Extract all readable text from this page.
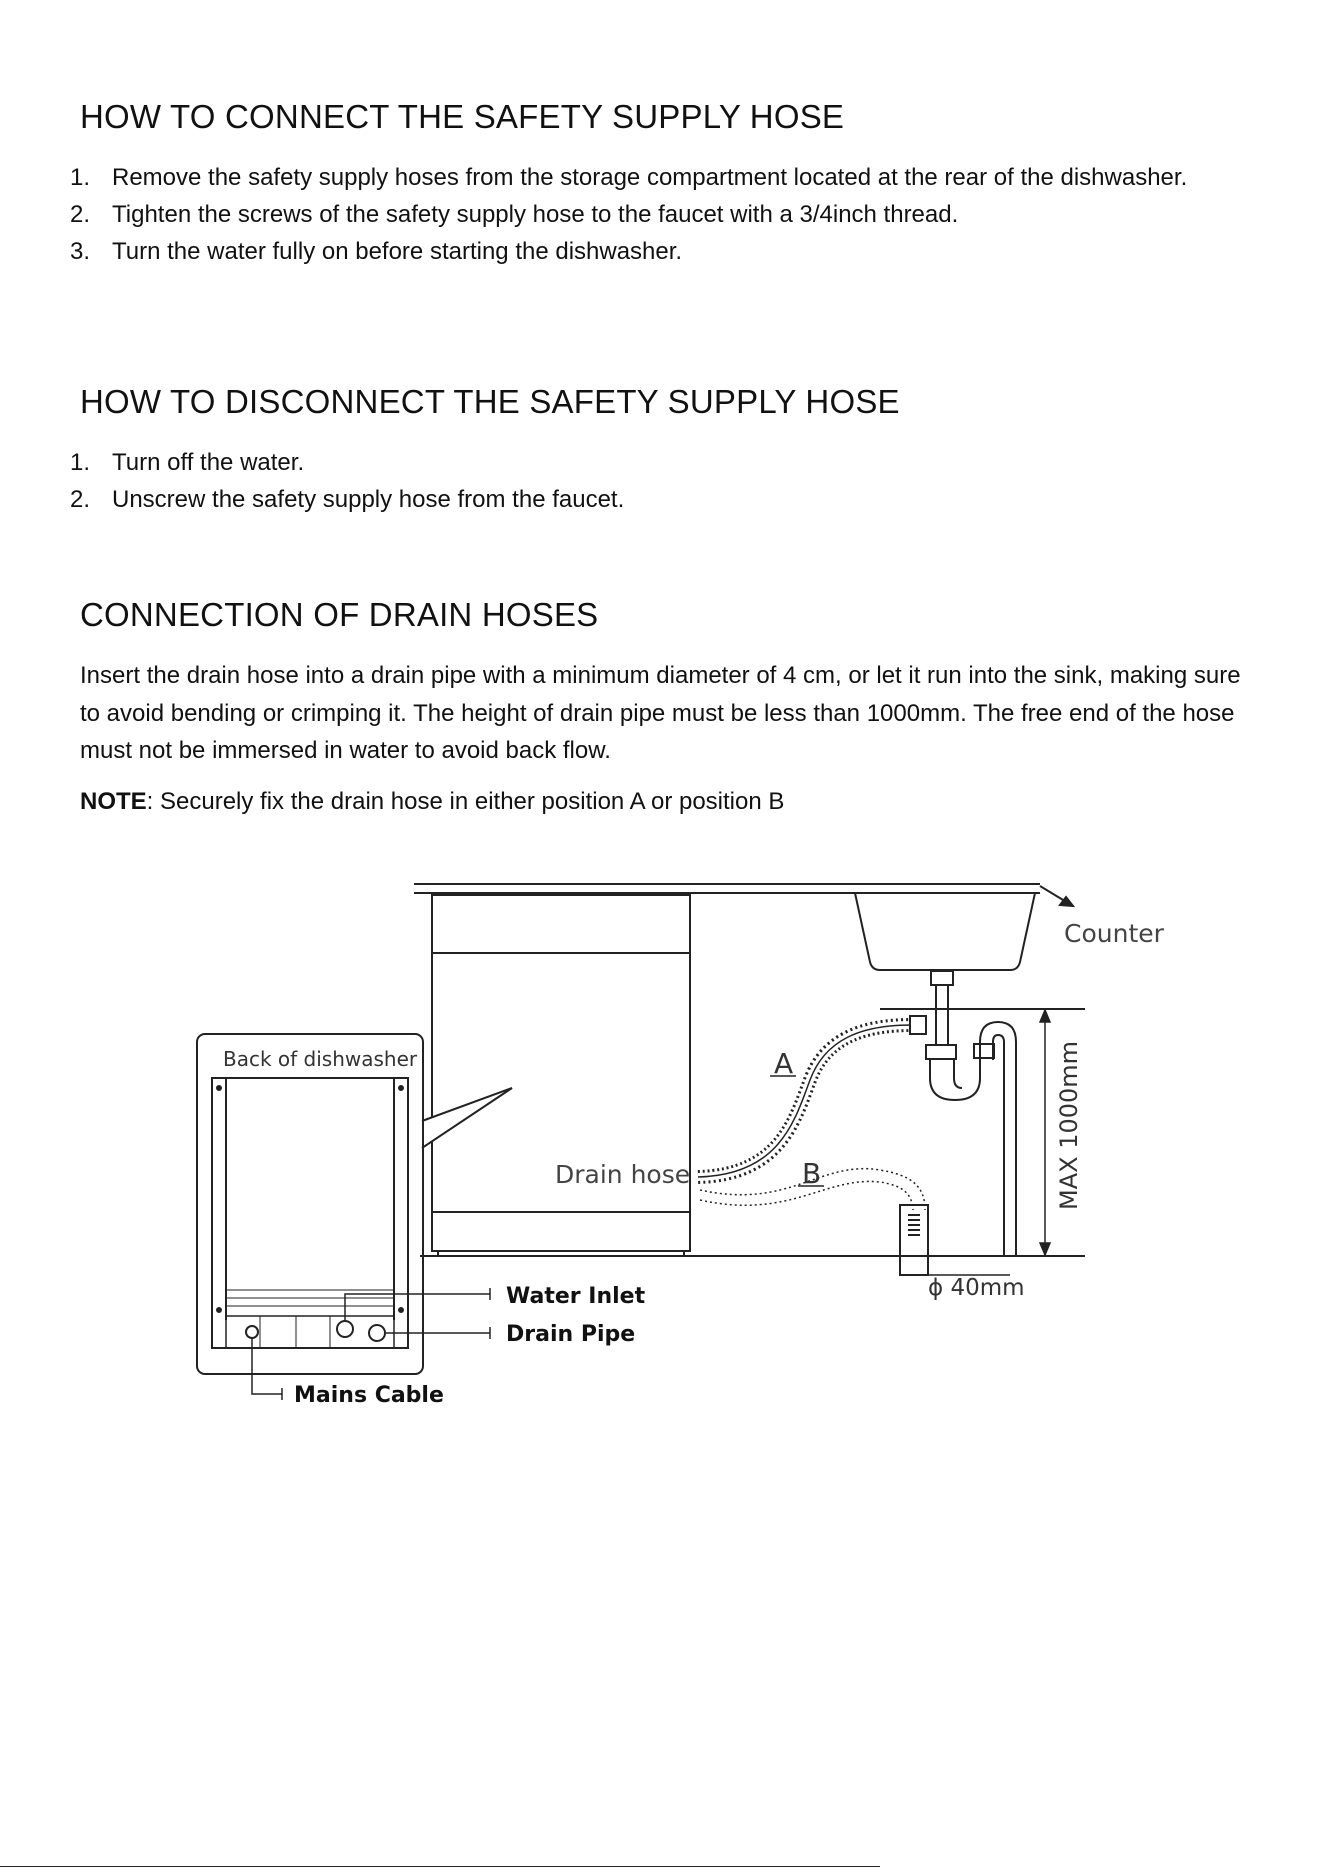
HOW TO CONNECT THE SAFETY SUPPLY HOSE
1. Remove the safety supply hoses from the storage compartment located at the rear of the dishwasher.
2. Tighten the screws of the safety supply hose to the faucet with a 3/4inch thread.
3. Turn the water fully on before starting the dishwasher.
HOW TO DISCONNECT THE SAFETY SUPPLY HOSE
1. Turn off the water.
2. Unscrew the safety supply hose from the faucet.
CONNECTION OF DRAIN HOSES

Insert the drain hose into a drain pipe with a minimum diameter of 4 cm, or let it run into the sink, making sure to avoid bending or crimping it. The height of drain pipe must be less than 1000mm. The free end of the hose must not be immersed in water to avoid back flow.

NOTE: Securely fix the drain hose in either position A or position B

Counter
A
B
Drain hose	MAX 1000mm
ϕ 40mm
Back of dishwasher
Water Inlet
Drain Pipe
Mains Cable
